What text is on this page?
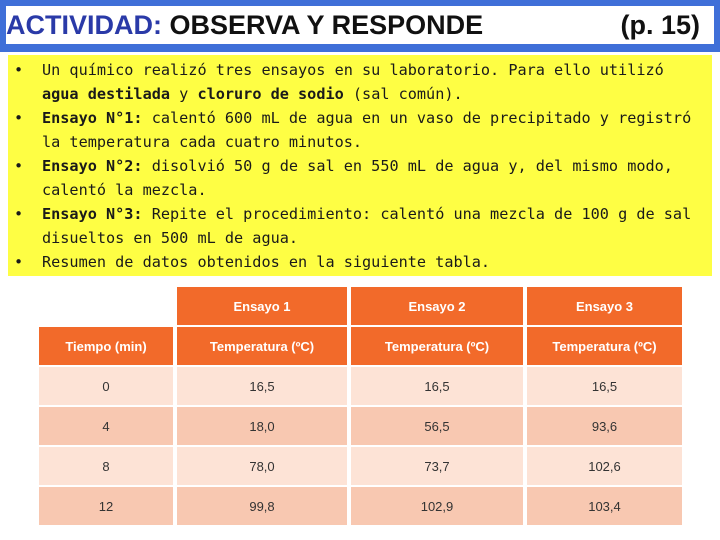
ACTIVIDAD: OBSERVA Y RESPONDE	(p. 15)
• Un químico realizó tres ensayos en su laboratorio. Para ello utilizó agua destilada y cloruro de sodio (sal común).
• Ensayo N°1: calentó 600 mL de agua en un vaso de precipitado y registró la temperatura cada cuatro minutos.
• Ensayo N°2: disolvió 50 g de sal en 550 mL de agua y, del mismo modo, calentó la mezcla.
• Ensayo N°3: Repite el procedimiento: calentó una mezcla de 100 g de sal disueltos en 500 mL de agua.
• Resumen de datos obtenidos en la siguiente tabla.
	Ensayo 1	Ensayo 2	Ensayo 3
Tiempo (min)	Temperatura (ºC)	Temperatura (ºC)	Temperatura (ºC)
0	16,5	16,5	16,5
4	18,0	56,5	93,6
8	78,0	73,7	102,6
12	99,8	102,9	103,4
